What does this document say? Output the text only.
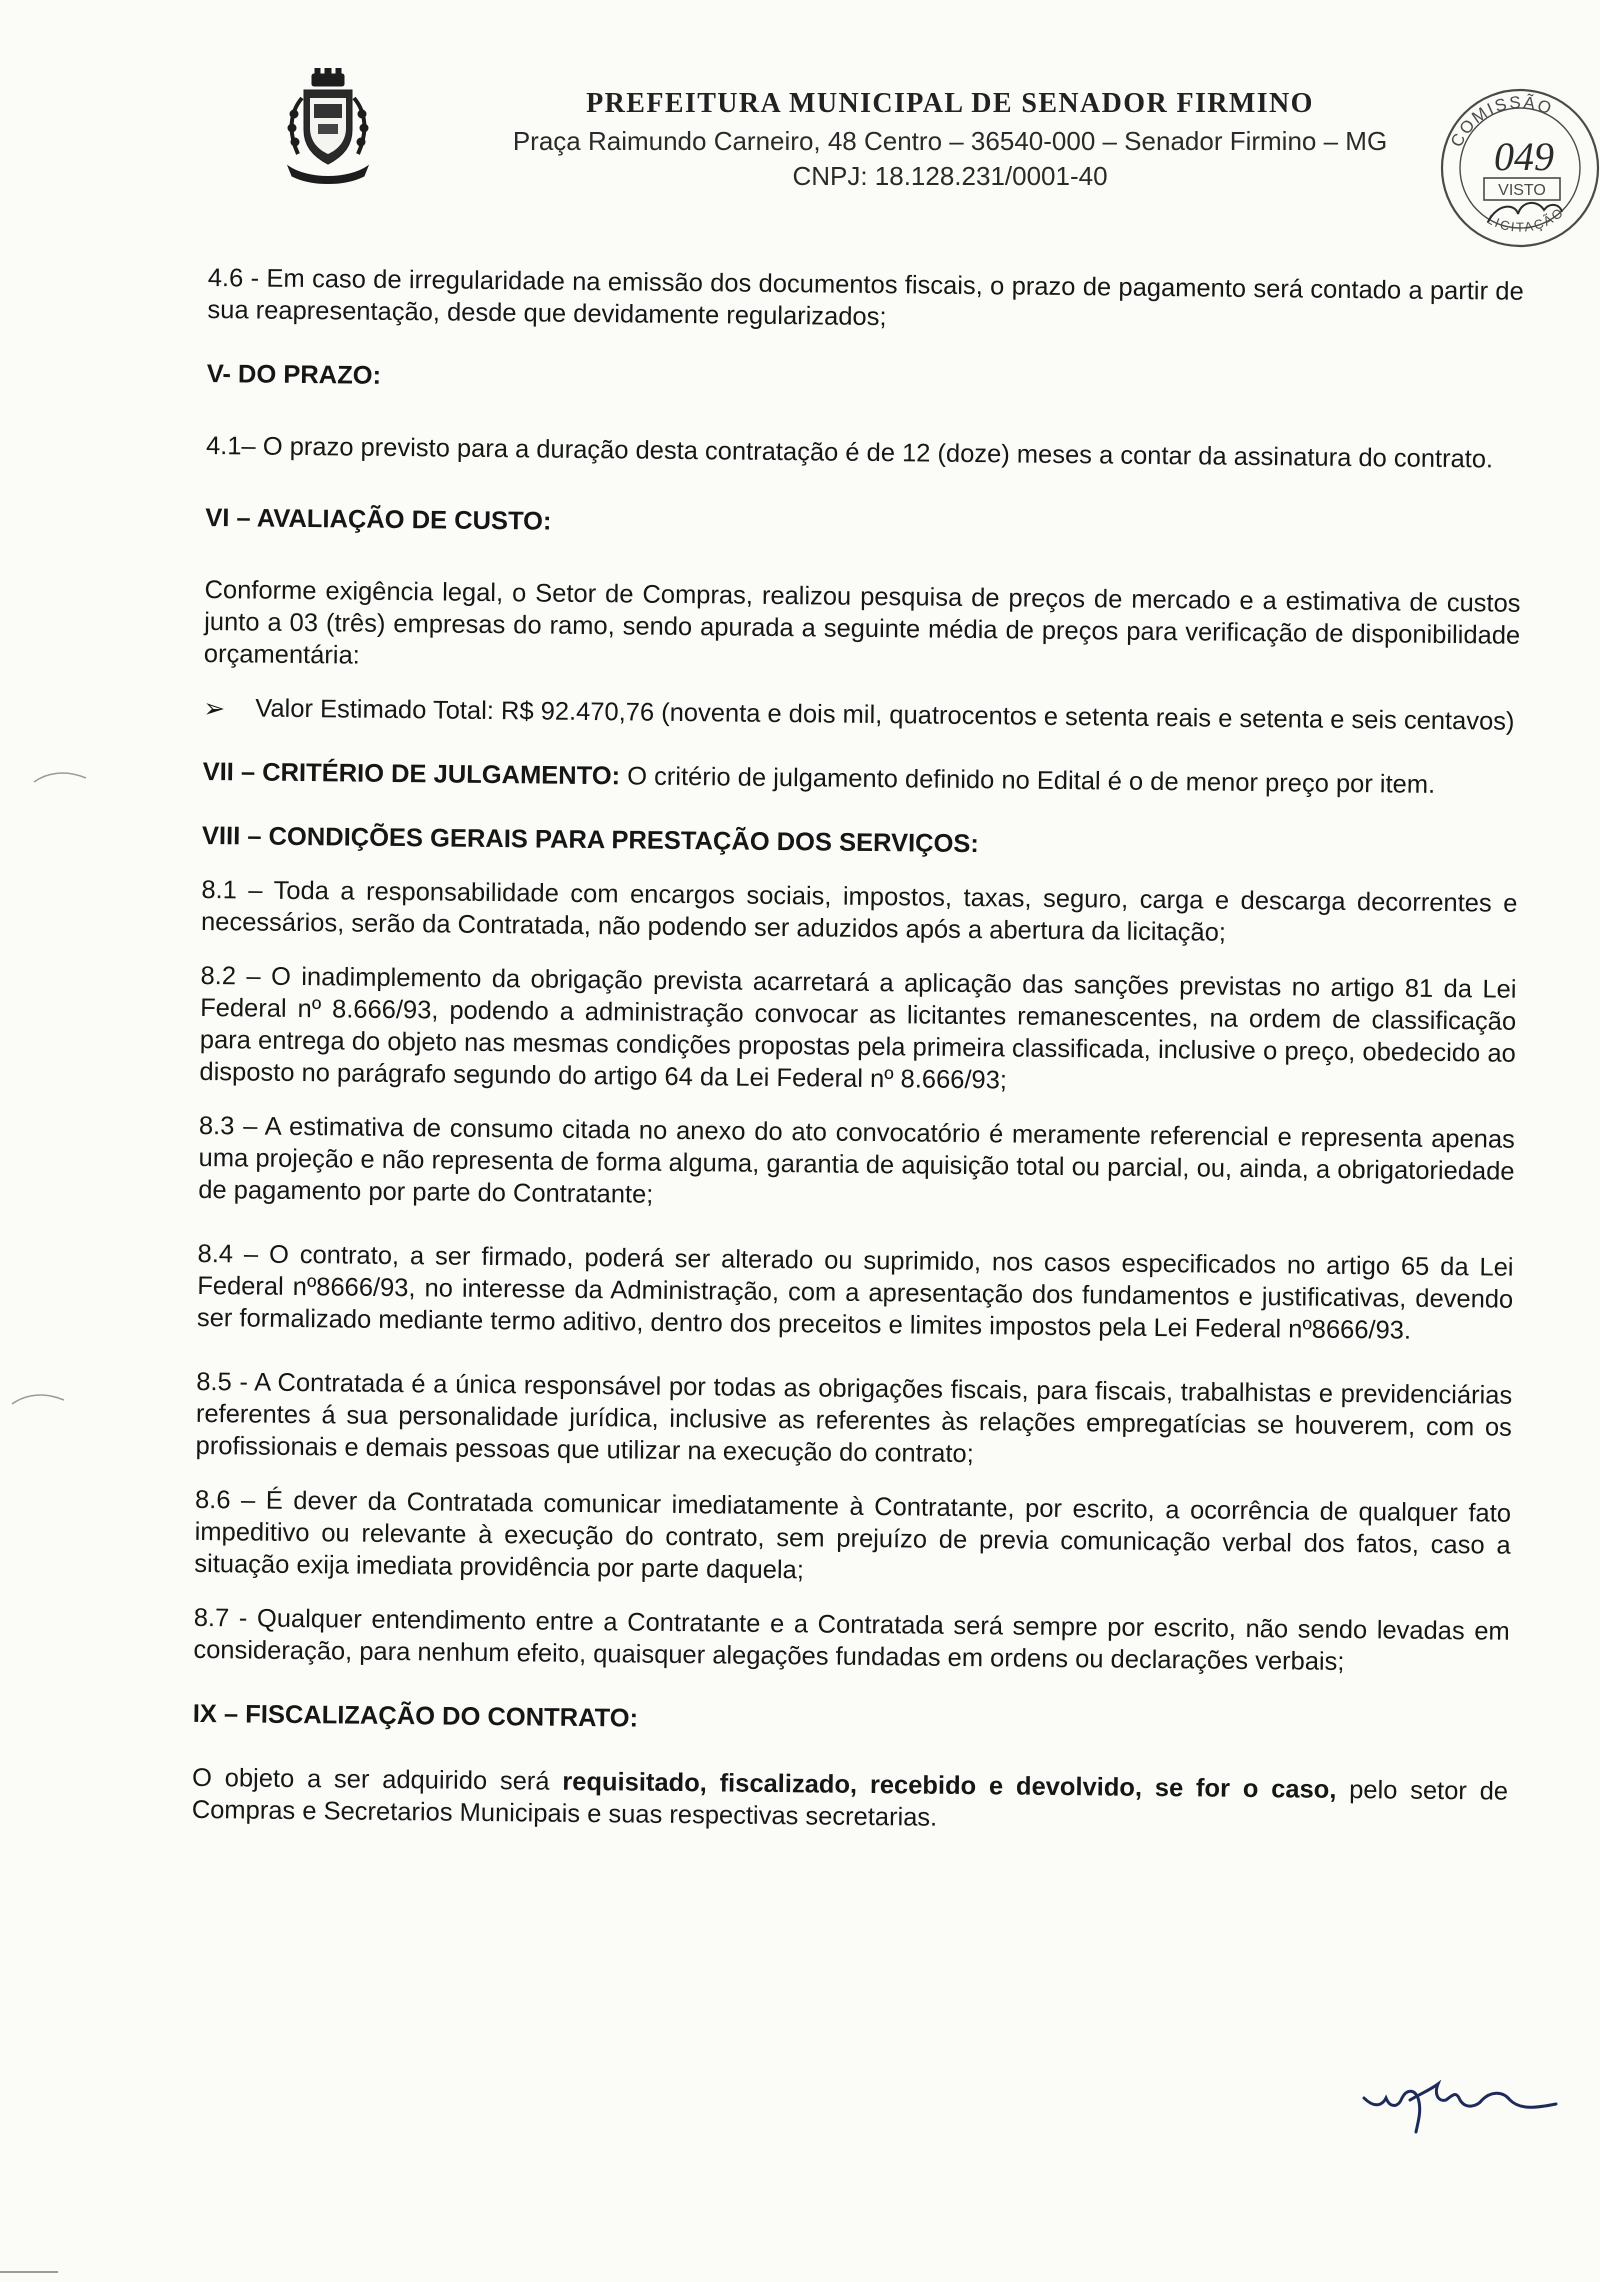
PREFEITURA MUNICIPAL DE SENADOR FIRMINO
Praça Raimundo Carneiro, 48 Centro – 36540-000 – Senador Firmino – MG
CNPJ: 18.128.231/0001-40
COMISSÃO
LICITAÇÃO
049
VISTO

4.6 - Em caso de irregularidade na emissão dos documentos fiscais, o prazo de pagamento será contado a partir de sua reapresentação, desde que devidamente regularizados;

V- DO PRAZO:

4.1– O prazo previsto para a duração desta contratação é de 12 (doze) meses a contar da assinatura do contrato.

VI – AVALIAÇÃO DE CUSTO:

Conforme exigência legal, o Setor de Compras, realizou pesquisa de preços de mercado e a estimativa de custos junto a 03 (três) empresas do ramo, sendo apurada a seguinte média de preços para verificação de disponibilidade orçamentária:

➢	Valor Estimado Total: R$ 92.470,76 (noventa e dois mil, quatrocentos e setenta reais e setenta e seis centavos)

VII – CRITÉRIO DE JULGAMENTO: O critério de julgamento definido no Edital é o de menor preço por item.

VIII – CONDIÇÕES GERAIS PARA PRESTAÇÃO DOS SERVIÇOS:

8.1 – Toda a responsabilidade com encargos sociais, impostos, taxas, seguro, carga e descarga decorrentes e necessários, serão da Contratada, não podendo ser aduzidos após a abertura da licitação;

8.2 – O inadimplemento da obrigação prevista acarretará a aplicação das sanções previstas no artigo 81 da Lei Federal nº 8.666/93, podendo a administração convocar as licitantes remanescentes, na ordem de classificação para entrega do objeto nas mesmas condições propostas pela primeira classificada, inclusive o preço, obedecido ao disposto no parágrafo segundo do artigo 64 da Lei Federal nº 8.666/93;

8.3 – A estimativa de consumo citada no anexo do ato convocatório é meramente referencial e representa apenas uma projeção e não representa de forma alguma, garantia de aquisição total ou parcial, ou, ainda, a obrigatoriedade de pagamento por parte do Contratante;

8.4 – O contrato, a ser firmado, poderá ser alterado ou suprimido, nos casos especificados no artigo 65 da Lei Federal nº8666/93, no interesse da Administração, com a apresentação dos fundamentos e justificativas, devendo ser formalizado mediante termo aditivo, dentro dos preceitos e limites impostos pela Lei Federal nº8666/93.

8.5 - A Contratada é a única responsável por todas as obrigações fiscais, para fiscais, trabalhistas e previdenciárias referentes á sua personalidade jurídica, inclusive as referentes às relações empregatícias se houverem, com os profissionais e demais pessoas que utilizar na execução do contrato;

8.6 – É dever da Contratada comunicar imediatamente à Contratante, por escrito, a ocorrência de qualquer fato impeditivo ou relevante à execução do contrato, sem prejuízo de previa comunicação verbal dos fatos, caso a situação exija imediata providência por parte daquela;

8.7 - Qualquer entendimento entre a Contratante e a Contratada será sempre por escrito, não sendo levadas em consideração, para nenhum efeito, quaisquer alegações fundadas em ordens ou declarações verbais;

IX – FISCALIZAÇÃO DO CONTRATO:

O objeto a ser adquirido será requisitado, fiscalizado, recebido e devolvido, se for o caso, pelo setor de Compras e Secretarios Municipais e suas respectivas secretarias.
